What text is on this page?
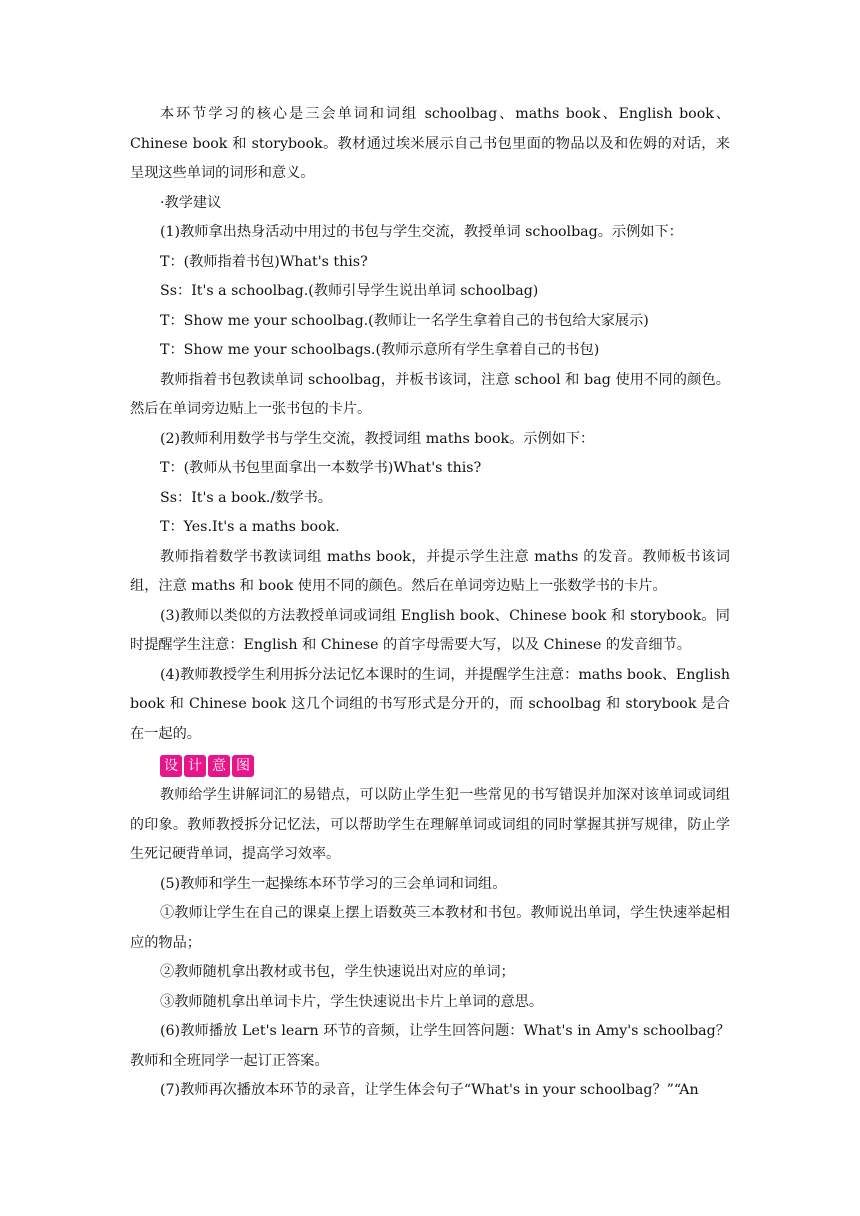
本环节学习的核心是三会单词和词组 schoolbag、maths book、English book、Chinese book 和 storybook。教材通过埃米展示自己书包里面的物品以及和佐姆的对话，来呈现这些单词的词形和意义。

·教学建议

(1)教师拿出热身活动中用过的书包与学生交流，教授单词 schoolbag。示例如下：

T：(教师指着书包)What's this?

Ss：It's a schoolbag.(教师引导学生说出单词 schoolbag)

T：Show me your schoolbag.(教师让一名学生拿着自己的书包给大家展示)

T：Show me your schoolbags.(教师示意所有学生拿着自己的书包)

教师指着书包教读单词 schoolbag，并板书该词，注意 school 和 bag 使用不同的颜色。然后在单词旁边贴上一张书包的卡片。

(2)教师利用数学书与学生交流，教授词组 maths book。示例如下：

T：(教师从书包里面拿出一本数学书)What's this?

Ss：It's a book./数学书。

T：Yes.It's a maths book.

教师指着数学书教读词组 maths book，并提示学生注意 maths 的发音。教师板书该词组，注意 maths 和 book 使用不同的颜色。然后在单词旁边贴上一张数学书的卡片。

(3)教师以类似的方法教授单词或词组 English book、Chinese book 和 storybook。同时提醒学生注意：English 和 Chinese 的首字母需要大写，以及 Chinese 的发音细节。

(4)教师教授学生利用拆分法记忆本课时的生词，并提醒学生注意：maths book、English book 和 Chinese book 这几个词组的书写形式是分开的，而 schoolbag 和 storybook 是合在一起的。

设 计 意 图

教师给学生讲解词汇的易错点，可以防止学生犯一些常见的书写错误并加深对该单词或词组的印象。教师教授拆分记忆法，可以帮助学生在理解单词或词组的同时掌握其拼写规律，防止学生死记硬背单词，提高学习效率。

(5)教师和学生一起操练本环节学习的三会单词和词组。

①教师让学生在自己的课桌上摆上语数英三本教材和书包。教师说出单词，学生快速举起相应的物品；

②教师随机拿出教材或书包，学生快速说出对应的单词；

③教师随机拿出单词卡片，学生快速说出卡片上单词的意思。

(6)教师播放 Let's learn 环节的音频，让学生回答问题：What's in Amy's schoolbag？教师和全班同学一起订正答案。

(7)教师再次播放本环节的录音，让学生体会句子“What's in your schoolbag？”“An
